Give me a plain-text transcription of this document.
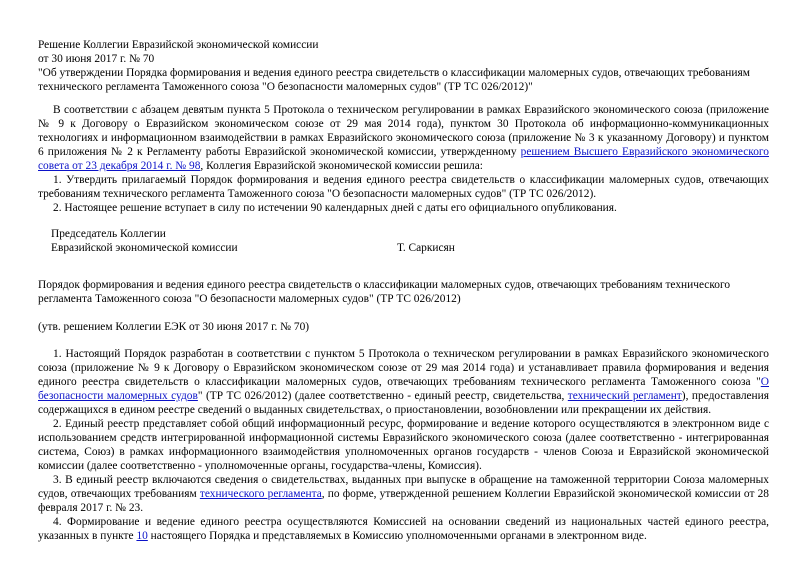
Решение Коллегии Евразийской экономической комиссии

от 30 июня 2017 г. № 70

"Об утверждении Порядка формирования и ведения единого реестра свидетельств о классификации маломерных судов, отвечающих требованиям технического регламента Таможенного союза "О безопасности маломерных судов" (ТР ТС 026/2012)"

В соответствии с абзацем девятым пункта 5 Протокола о техническом регулировании в рамках Евразийского экономического союза (приложение № 9 к Договору о Евразийском экономическом союзе от 29 мая 2014 года), пунктом 30 Протокола об информационно-коммуникационных технологиях и информационном взаимодействии в рамках Евразийского экономического союза (приложение № 3 к указанному Договору) и пунктом 6 приложения № 2 к Регламенту работы Евразийской экономической комиссии, утвержденному решением Высшего Евразийского экономического совета от 23 декабря 2014 г. № 98, Коллегия Евразийской экономической комиссии решила:
1. Утвердить прилагаемый Порядок формирования и ведения единого реестра свидетельств о классификации маломерных судов, отвечающих требованиям технического регламента Таможенного союза "О безопасности маломерных судов" (ТР ТС 026/2012).
2. Настоящее решение вступает в силу по истечении 90 календарных дней с даты его официального опубликования.

Председатель Коллегии

Евразийской экономической комиссии	Т. Саркисян
Порядок формирования и ведения единого реестра свидетельств о классификации маломерных судов, отвечающих требованиям технического регламента Таможенного союза "О безопасности маломерных судов" (ТР ТС 026/2012)
(утв. решением Коллегии ЕЭК от 30 июня 2017 г. № 70)
1. Настоящий Порядок разработан в соответствии с пунктом 5 Протокола о техническом регулировании в рамках Евразийского экономического союза (приложение № 9 к Договору о Евразийском экономическом союзе от 29 мая 2014 года) и устанавливает правила формирования и ведения единого реестра свидетельств о классификации маломерных судов, отвечающих требованиям технического регламента Таможенного союза "О безопасности маломерных судов" (ТР ТС 026/2012) (далее соответственно - единый реестр, свидетельства, технический регламент), предоставления содержащихся в едином реестре сведений о выданных свидетельствах, о приостановлении, возобновлении или прекращении их действия.
2. Единый реестр представляет собой общий информационный ресурс, формирование и ведение которого осуществляются в электронном виде с использованием средств интегрированной информационной системы Евразийского экономического союза (далее соответственно - интегрированная система, Союз) в рамках информационного взаимодействия уполномоченных органов государств - членов Союза и Евразийской экономической комиссии (далее соответственно - уполномоченные органы, государства-члены, Комиссия).
3. В единый реестр включаются сведения о свидетельствах, выданных при выпуске в обращение на таможенной территории Союза маломерных судов, отвечающих требованиям технического регламента, по форме, утвержденной решением Коллегии Евразийской экономической комиссии от 28 февраля 2017 г. № 23.
4. Формирование и ведение единого реестра осуществляются Комиссией на основании сведений из национальных частей единого реестра, указанных в пункте 10 настоящего Порядка и представляемых в Комиссию уполномоченными органами в электронном виде.
